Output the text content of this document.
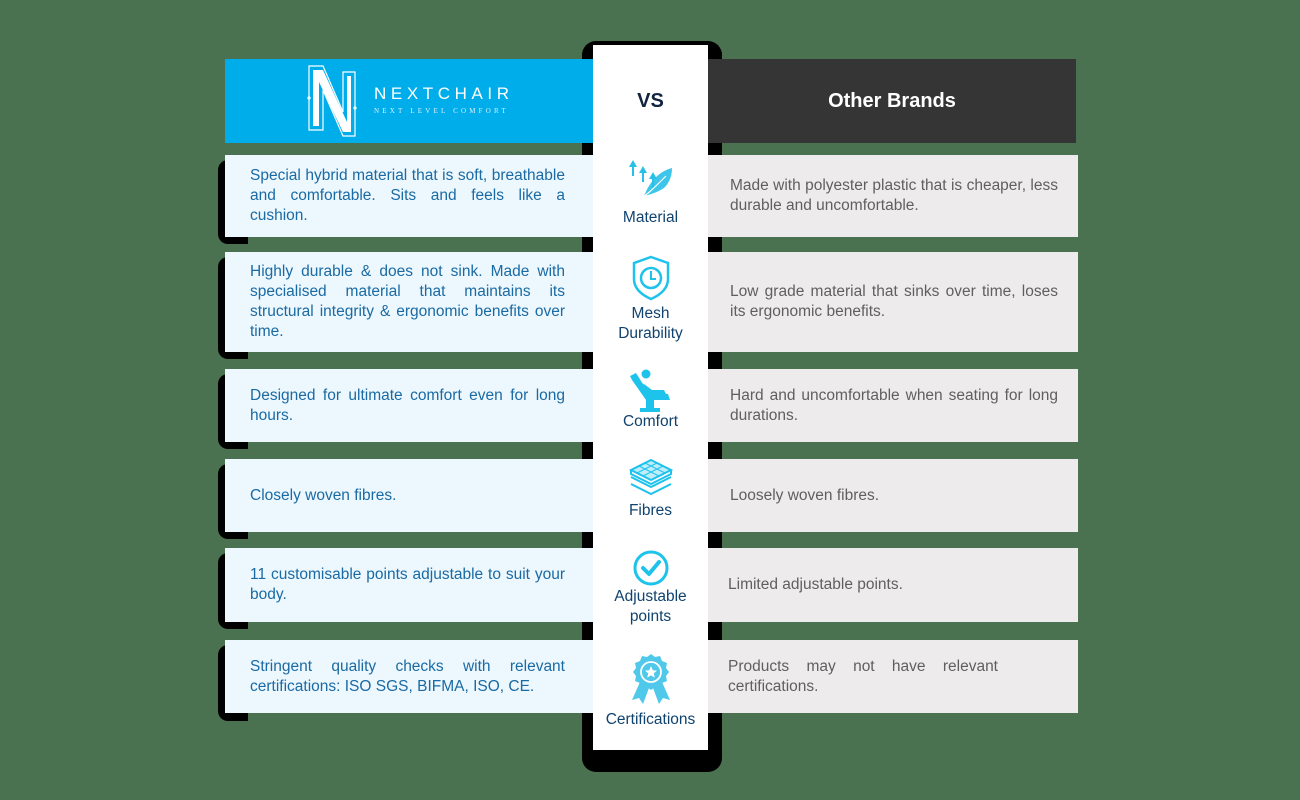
NEXTCHAIR
NEXT LEVEL COMFORT	Other Brands
VS
Special hybrid material that is soft, breathable and comfortable. Sits and feels like a cushion.
Made with polyester plastic that is cheaper, less durable and uncomfortable.
Highly durable & does not sink. Made with specialised material that maintains its structural integrity & ergonomic benefits over time.
Low grade material that sinks over time, loses its ergonomic benefits.
Designed for ultimate comfort even for long hours.
Hard and uncomfortable when seating for long durations.
Closely woven fibres.	Loosely woven fibres.
11 customisable points adjustable to suit your body.
Limited adjustable points.
Stringent quality checks with relevant certifications: ISO SGS, BIFMA, ISO, CE.
Products may not have relevant certifications.
Material
Mesh
Durability
Comfort
Fibres
Adjustable
points
Certifications
